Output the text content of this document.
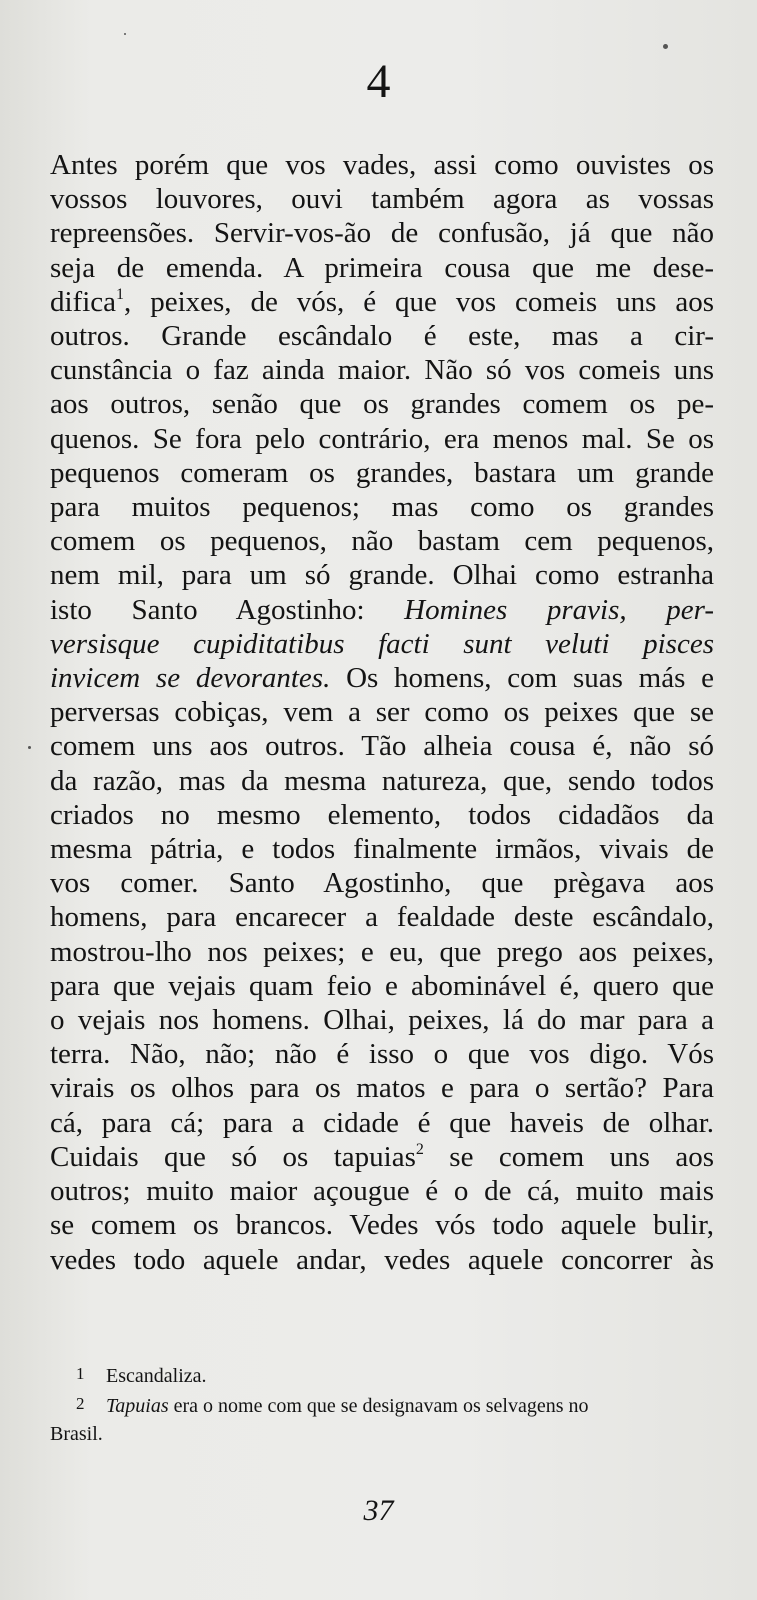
4
Antes porém que vos vades, assi como ouvistes os
vossos louvores, ouvi também agora as vossas
repreensões. Servir-vos-ão de confusão, já que não
seja de emenda. A primeira cousa que me dese-
difica$^1$, peixes, de vós, é que vos comeis uns aos
outros. Grande escândalo é este, mas a cir-
cunstância o faz ainda maior. Não só vos comeis uns
aos outros, senão que os grandes comem os pe-
quenos. Se fora pelo contrário, era menos mal. Se os
pequenos comeram os grandes, bastara um grande
para muitos pequenos; mas como os grandes
comem os pequenos, não bastam cem pequenos,
nem mil, para um só grande. Olhai como estranha
isto Santo Agostinho: Homines pravis, per-
versisque cupiditatibus facti sunt veluti pisces
invicem se devorantes. Os homens, com suas más e
perversas cobiças, vem a ser como os peixes que se
comem uns aos outros. Tão alheia cousa é, não só
da razão, mas da mesma natureza, que, sendo todos
criados no mesmo elemento, todos cidadãos da
mesma pátria, e todos finalmente irmãos, vivais de
vos comer. Santo Agostinho, que prègava aos
homens, para encarecer a fealdade deste escândalo,
mostrou-lho nos peixes; e eu, que prego aos peixes,
para que vejais quam feio e abominável é, quero que
o vejais nos homens. Olhai, peixes, lá do mar para a
terra. Não, não; não é isso o que vos digo. Vós
virais os olhos para os matos e para o sertão? Para
cá, para cá; para a cidade é que haveis de olhar.
Cuidais que só os tapuias$^2$ se comem uns aos
outros; muito maior açougue é o de cá, muito mais
se comem os brancos. Vedes vós todo aquele bulir,
vedes todo aquele andar, vedes aquele concorrer às
1 Escandaliza.
2 Tapuias era o nome com que se designavam os selvagens no
Brasil.
37
